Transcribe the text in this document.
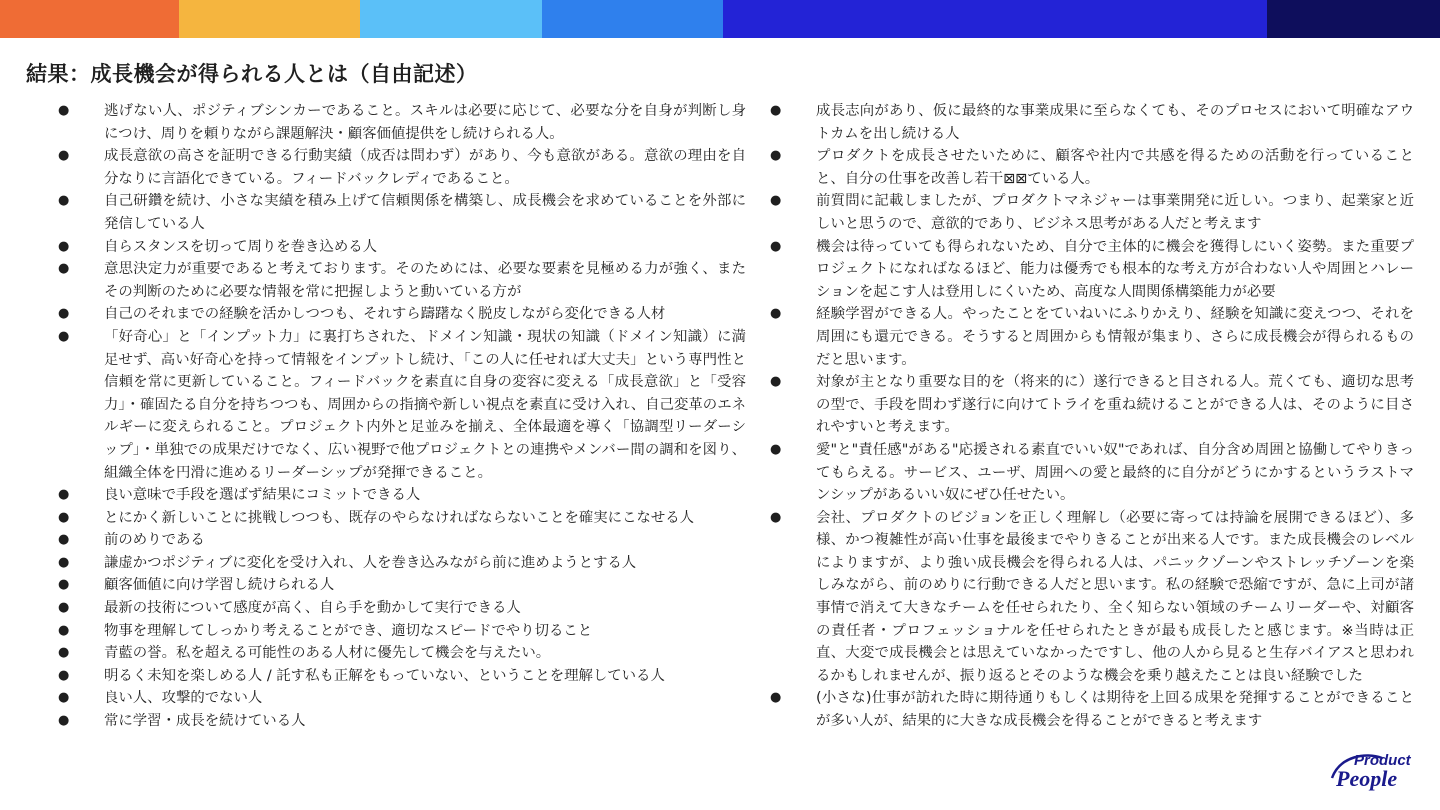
結果：成長機会が得られる人とは（自由記述）
● 逃げない人、ポジティブシンカーであること。スキルは必要に応じて、必要な分を自身が判断し身につけ、周りを頼りながら課題解決・顧客価値提供をし続けられる人。
● 成長意欲の高さを証明できる行動実績（成否は問わず）があり、今も意欲がある。意欲の理由を自分なりに言語化できている。フィードバックレディであること。
● 自己研鑽を続け、小さな実績を積み上げて信頼関係を構築し、成長機会を求めていることを外部に発信している人
● 自らスタンスを切って周りを巻き込める人
● 意思決定力が重要であると考えております。そのためには、必要な要素を見極める力が強く、またその判断のために必要な情報を常に把握しようと動いている方が
● 自己のそれまでの経験を活かしつつも、それすら躊躇なく脱皮しながら変化できる人材
● 「好奇心」と「インプット力」に裏打ちされた、ドメイン知識・現状の知識（ドメイン知識）に満足せず、高い好奇心を持って情報をインプットし続け、「この人に任せれば大丈夫」という専門性と信頼を常に更新していること。フィードバックを素直に自身の変容に変える「成長意欲」と「受容力」・確固たる自分を持ちつつも、周囲からの指摘や新しい視点を素直に受け入れ、自己変革のエネルギーに変えられること。プロジェクト内外と足並みを揃え、全体最適を導く「協調型リーダーシップ」・単独での成果だけでなく、広い視野で他プロジェクトとの連携やメンバー間の調和を図り、組織全体を円滑に進めるリーダーシップが発揮できること。
● 良い意味で手段を選ばず結果にコミットできる人
● とにかく新しいことに挑戦しつつも、既存のやらなければならないことを確実にこなせる人
● 前のめりである
● 謙虚かつポジティブに変化を受け入れ、人を巻き込みながら前に進めようとする人
● 顧客価値に向け学習し続けられる人
● 最新の技術について感度が高く、自ら手を動かして実行できる人
● 物事を理解してしっかり考えることができ、適切なスピードでやり切ること
● 青藍の誉。私を超える可能性のある人材に優先して機会を与えたい。
● 明るく未知を楽しめる人 / 託す私も正解をもっていない、ということを理解している人
● 良い人、攻撃的でない人
● 常に学習・成長を続けている人
● 成長志向があり、仮に最終的な事業成果に至らなくても、そのプロセスにおいて明確なアウトカムを出し続ける人
● プロダクトを成長させたいために、顧客や社内で共感を得るための活動を行っていることと、自分の仕事を改善し若干⊠⊠ている人。
● 前質問に記載しましたが、プロダクトマネジャーは事業開発に近しい。つまり、起業家と近しいと思うので、意欲的であり、ビジネス思考がある人だと考えます
● 機会は待っていても得られないため、自分で主体的に機会を獲得しにいく姿勢。また重要プロジェクトになればなるほど、能力は優秀でも根本的な考え方が合わない人や周囲とハレーションを起こす人は登用しにくいため、高度な人間関係構築能力が必要
● 経験学習ができる人。やったことをていねいにふりかえり、経験を知識に変えつつ、それを周囲にも還元できる。そうすると周囲からも情報が集まり、さらに成長機会が得られるものだと思います。
● 対象が主となり重要な目的を（将来的に）遂行できると目される人。荒くても、適切な思考の型で、手段を問わず遂行に向けてトライを重ね続けることができる人は、そのように目されやすいと考えます。
● 愛"と"責任感"がある"応援される素直でいい奴"であれば、自分含め周囲と協働してやりきってもらえる。サービス、ユーザ、周囲への愛と最終的に自分がどうにかするというラストマンシップがあるいい奴にぜひ任せたい。
● 会社、プロダクトのビジョンを正しく理解し（必要に寄っては持論を展開できるほど）、多様、かつ複雑性が高い仕事を最後までやりきることが出来る人です。また成長機会のレベルによりますが、より強い成長機会を得られる人は、パニックゾーンやストレッチゾーンを楽しみながら、前のめりに行動できる人だと思います。私の経験で恐縮ですが、急に上司が諸事情で消えて大きなチームを任せられたり、全く知らない領域のチームリーダーや、対顧客の責任者・プロフェッショナルを任せられたときが最も成長したと感じます。※当時は正直、大変で成長機会とは思えていなかったですし、他の人から見ると生存バイアスと思われるかもしれませんが、振り返るとそのような機会を乗り越えたことは良い経験でした
● (小さな)仕事が訪れた時に期待通りもしくは期待を上回る成果を発揮することができることが多い人が、結果的に大きな成長機会を得ることができると考えます
Product
People
